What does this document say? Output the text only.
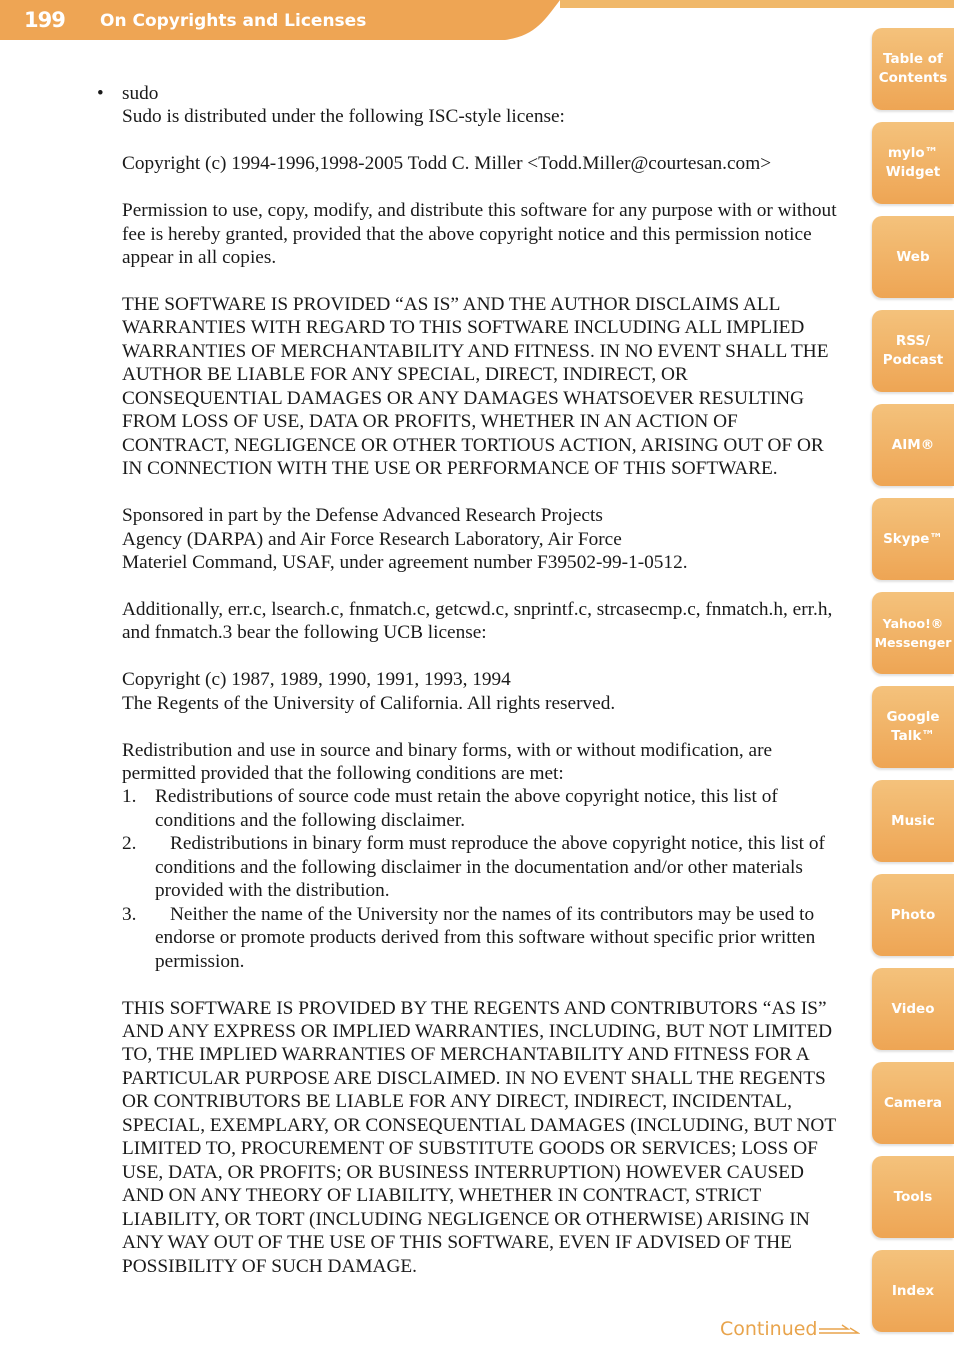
199 On Copyrights and Licenses
Table of
Contents
mylo™
Widget
Web
RSS/
Podcast
AIM®
Skype™
Yahoo!®
Messenger
Google
Talk™
Music
Photo
Video
Camera
Tools
Index
• sudo

Sudo is distributed under the following ISC-style license:

Copyright (c) 1994-1996,1998-2005 Todd C. Miller <Todd.Miller@courtesan.com>

Permission to use, copy, modify, and distribute this software for any purpose with or without fee is hereby granted, provided that the above copyright notice and this permission notice appear in all copies.

THE SOFTWARE IS PROVIDED “AS IS” AND THE AUTHOR DISCLAIMS ALL WARRANTIES WITH REGARD TO THIS SOFTWARE INCLUDING ALL IMPLIED WARRANTIES OF MERCHANTABILITY AND FITNESS. IN NO EVENT SHALL THE AUTHOR BE LIABLE FOR ANY SPECIAL, DIRECT, INDIRECT, OR CONSEQUENTIAL DAMAGES OR ANY DAMAGES WHATSOEVER RESULTING FROM LOSS OF USE, DATA OR PROFITS, WHETHER IN AN ACTION OF CONTRACT, NEGLIGENCE OR OTHER TORTIOUS ACTION, ARISING OUT OF OR IN CONNECTION WITH THE USE OR PERFORMANCE OF THIS SOFTWARE.

Sponsored in part by the Defense Advanced Research Projects
Agency (DARPA) and Air Force Research Laboratory, Air Force
Materiel Command, USAF, under agreement number F39502-99-1-0512.

Additionally, err.c, lsearch.c, fnmatch.c, getcwd.c, snprintf.c, strcasecmp.c, fnmatch.h, err.h, and fnmatch.3 bear the following UCB license:

Copyright (c) 1987, 1989, 1990, 1991, 1993, 1994
The Regents of the University of California. All rights reserved.

Redistribution and use in source and binary forms, with or without modification, are permitted provided that the following conditions are met:
1. Redistributions of source code must retain the above copyright notice, this list of conditions and the following disclaimer.
2. Redistributions in binary form must reproduce the above copyright notice, this list of conditions and the following disclaimer in the documentation and/or other materials provided with the distribution.
3. Neither the name of the University nor the names of its contributors may be used to endorse or promote products derived from this software without specific prior written permission.

THIS SOFTWARE IS PROVIDED BY THE REGENTS AND CONTRIBUTORS “AS IS” AND ANY EXPRESS OR IMPLIED WARRANTIES, INCLUDING, BUT NOT LIMITED TO, THE IMPLIED WARRANTIES OF MERCHANTABILITY AND FITNESS FOR A PARTICULAR PURPOSE ARE DISCLAIMED. IN NO EVENT SHALL THE REGENTS OR CONTRIBUTORS BE LIABLE FOR ANY DIRECT, INDIRECT, INCIDENTAL, SPECIAL, EXEMPLARY, OR CONSEQUENTIAL DAMAGES (INCLUDING, BUT NOT LIMITED TO, PROCUREMENT OF SUBSTITUTE GOODS OR SERVICES; LOSS OF USE, DATA, OR PROFITS; OR BUSINESS INTERRUPTION) HOWEVER CAUSED AND ON ANY THEORY OF LIABILITY, WHETHER IN CONTRACT, STRICT LIABILITY, OR TORT (INCLUDING NEGLIGENCE OR OTHERWISE) ARISING IN ANY WAY OUT OF THE USE OF THIS SOFTWARE, EVEN IF ADVISED OF THE POSSIBILITY OF SUCH DAMAGE.

Continued
